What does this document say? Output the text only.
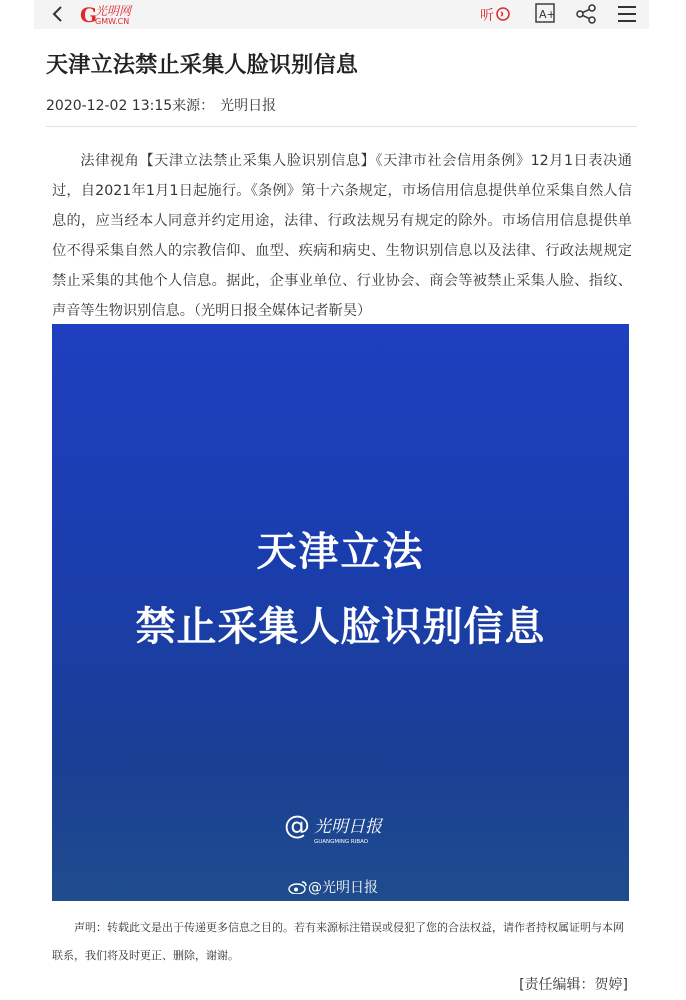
G
光明网
GMW.CN	听	A+
天津立法禁止采集人脸识别信息
2020-12-02 13:15来源： 光明日报

法律视角【天津立法禁止采集人脸识别信息】《天津市社会信用条例》12月1日表决通过，自2021年1月1日起施行。《条例》第十六条规定，市场信用信息提供单位采集自然人信息的，应当经本人同意并约定用途，法律、行政法规另有规定的除外。市场信用信息提供单位不得采集自然人的宗教信仰、血型、疾病和病史、生物识别信息以及法律、行政法规规定禁止采集的其他个人信息。据此，企事业单位、行业协会、商会等被禁止采集人脸、指纹、声音等生物识别信息。（光明日报全媒体记者靳昊）

天津立法
禁止采集人脸识别信息
@ 光明日报
GUANGMING RIBAO
@光明日报

声明：转载此文是出于传递更多信息之目的。若有来源标注错误或侵犯了您的合法权益，请作者持权属证明与本网联系，我们将及时更正、删除，谢谢。

[责任编辑：贺婷]
